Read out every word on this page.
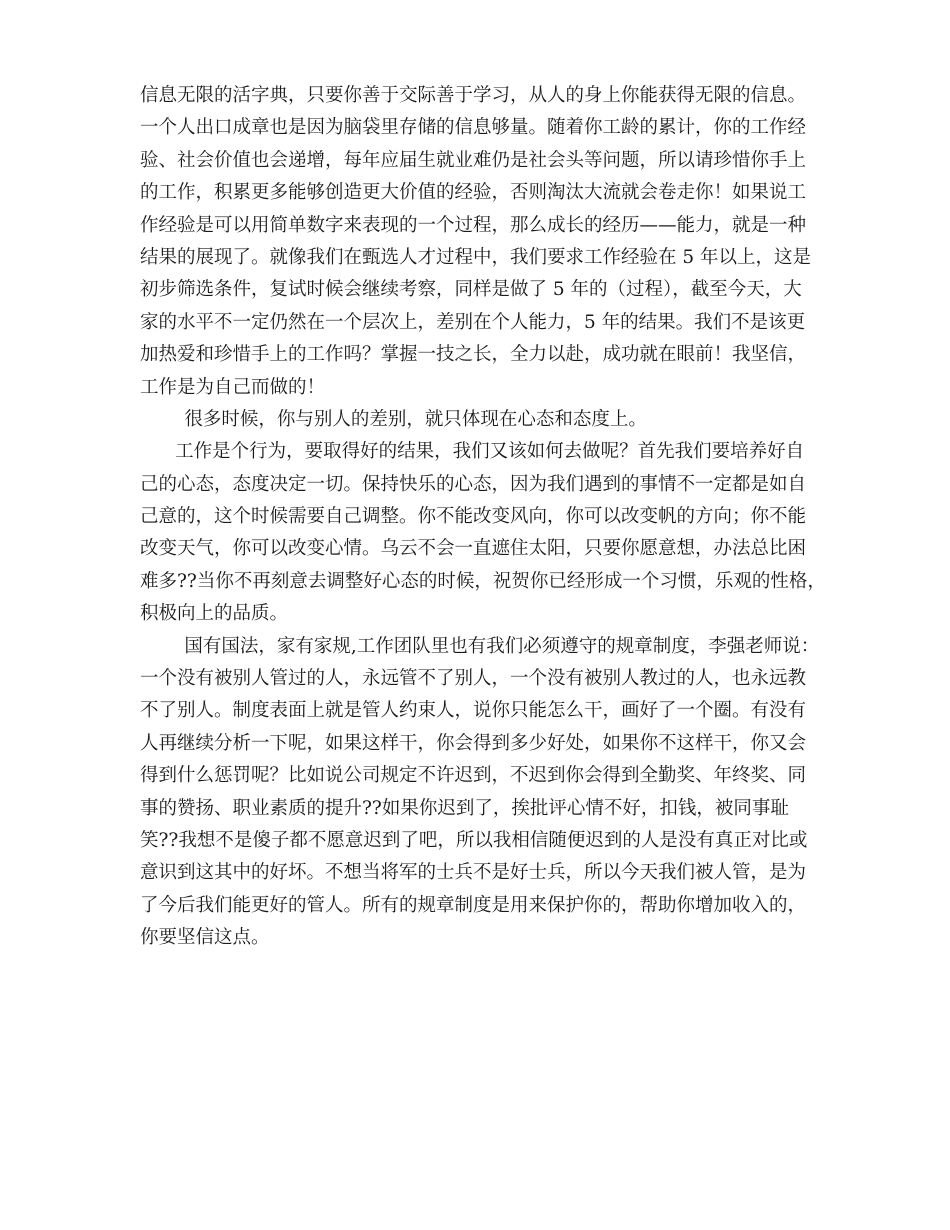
信息无限的活字典，只要你善于交际善于学习，从人的身上你能获得无限的信息。
一个人出口成章也是因为脑袋里存储的信息够量。随着你工龄的累计，你的工作经
验、社会价值也会递增，每年应届生就业难仍是社会头等问题，所以请珍惜你手上
的工作，积累更多能够创造更大价值的经验，否则淘汰大流就会卷走你！如果说工
作经验是可以用简单数字来表现的一个过程，那么成长的经历——能力，就是一种
结果的展现了。就像我们在甄选人才过程中，我们要求工作经验在 5 年以上，这是
初步筛选条件，复试时候会继续考察，同样是做了 5 年的（过程），截至今天，大
家的水平不一定仍然在一个层次上，差别在个人能力，5 年的结果。我们不是该更
加热爱和珍惜手上的工作吗？掌握一技之长，全力以赴，成功就在眼前！我坚信，
工作是为自己而做的！
很多时候，你与别人的差别，就只体现在心态和态度上。
工作是个行为，要取得好的结果，我们又该如何去做呢？首先我们要培养好自
己的心态，态度决定一切。保持快乐的心态，因为我们遇到的事情不一定都是如自
己意的，这个时候需要自己调整。你不能改变风向，你可以改变帆的方向；你不能
改变天气，你可以改变心情。乌云不会一直遮住太阳，只要你愿意想，办法总比困
难多??当你不再刻意去调整好心态的时候，祝贺你已经形成一个习惯，乐观的性格，
积极向上的品质。
国有国法，家有家规,工作团队里也有我们必须遵守的规章制度，李强老师说：
一个没有被别人管过的人，永远管不了别人，一个没有被别人教过的人，也永远教
不了别人。制度表面上就是管人约束人，说你只能怎么干，画好了一个圈。有没有
人再继续分析一下呢，如果这样干，你会得到多少好处，如果你不这样干，你又会
得到什么惩罚呢？比如说公司规定不许迟到，不迟到你会得到全勤奖、年终奖、同
事的赞扬、职业素质的提升??如果你迟到了，挨批评心情不好，扣钱，被同事耻
笑??我想不是傻子都不愿意迟到了吧，所以我相信随便迟到的人是没有真正对比或
意识到这其中的好坏。不想当将军的士兵不是好士兵，所以今天我们被人管，是为
了今后我们能更好的管人。所有的规章制度是用来保护你的，帮助你增加收入的，
你要坚信这点。
